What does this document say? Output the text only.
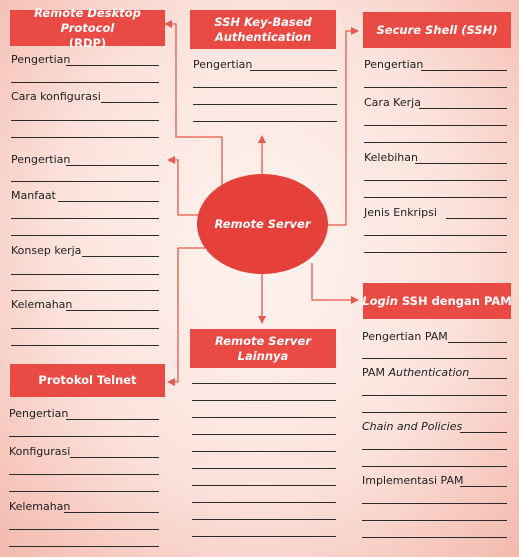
Remote Desktop Protocol
(RDP)
Pengertian
Cara konfigurasi
Pengertian
Manfaat
Konsep kerja
Kelemahan
Protokol Telnet
Pengertian
Konfigurasi
Kelemahan
SSH Key-Based
Authentication
Pengertian
Remote Server
Remote Server Lainnya
Secure Shell (SSH)
Pengertian
Cara Kerja
Kelebihan
Jenis Enkripsi
Login SSH dengan PAM
Pengertian PAM
PAM Authentication
Chain and Policies
Implementasi PAM
